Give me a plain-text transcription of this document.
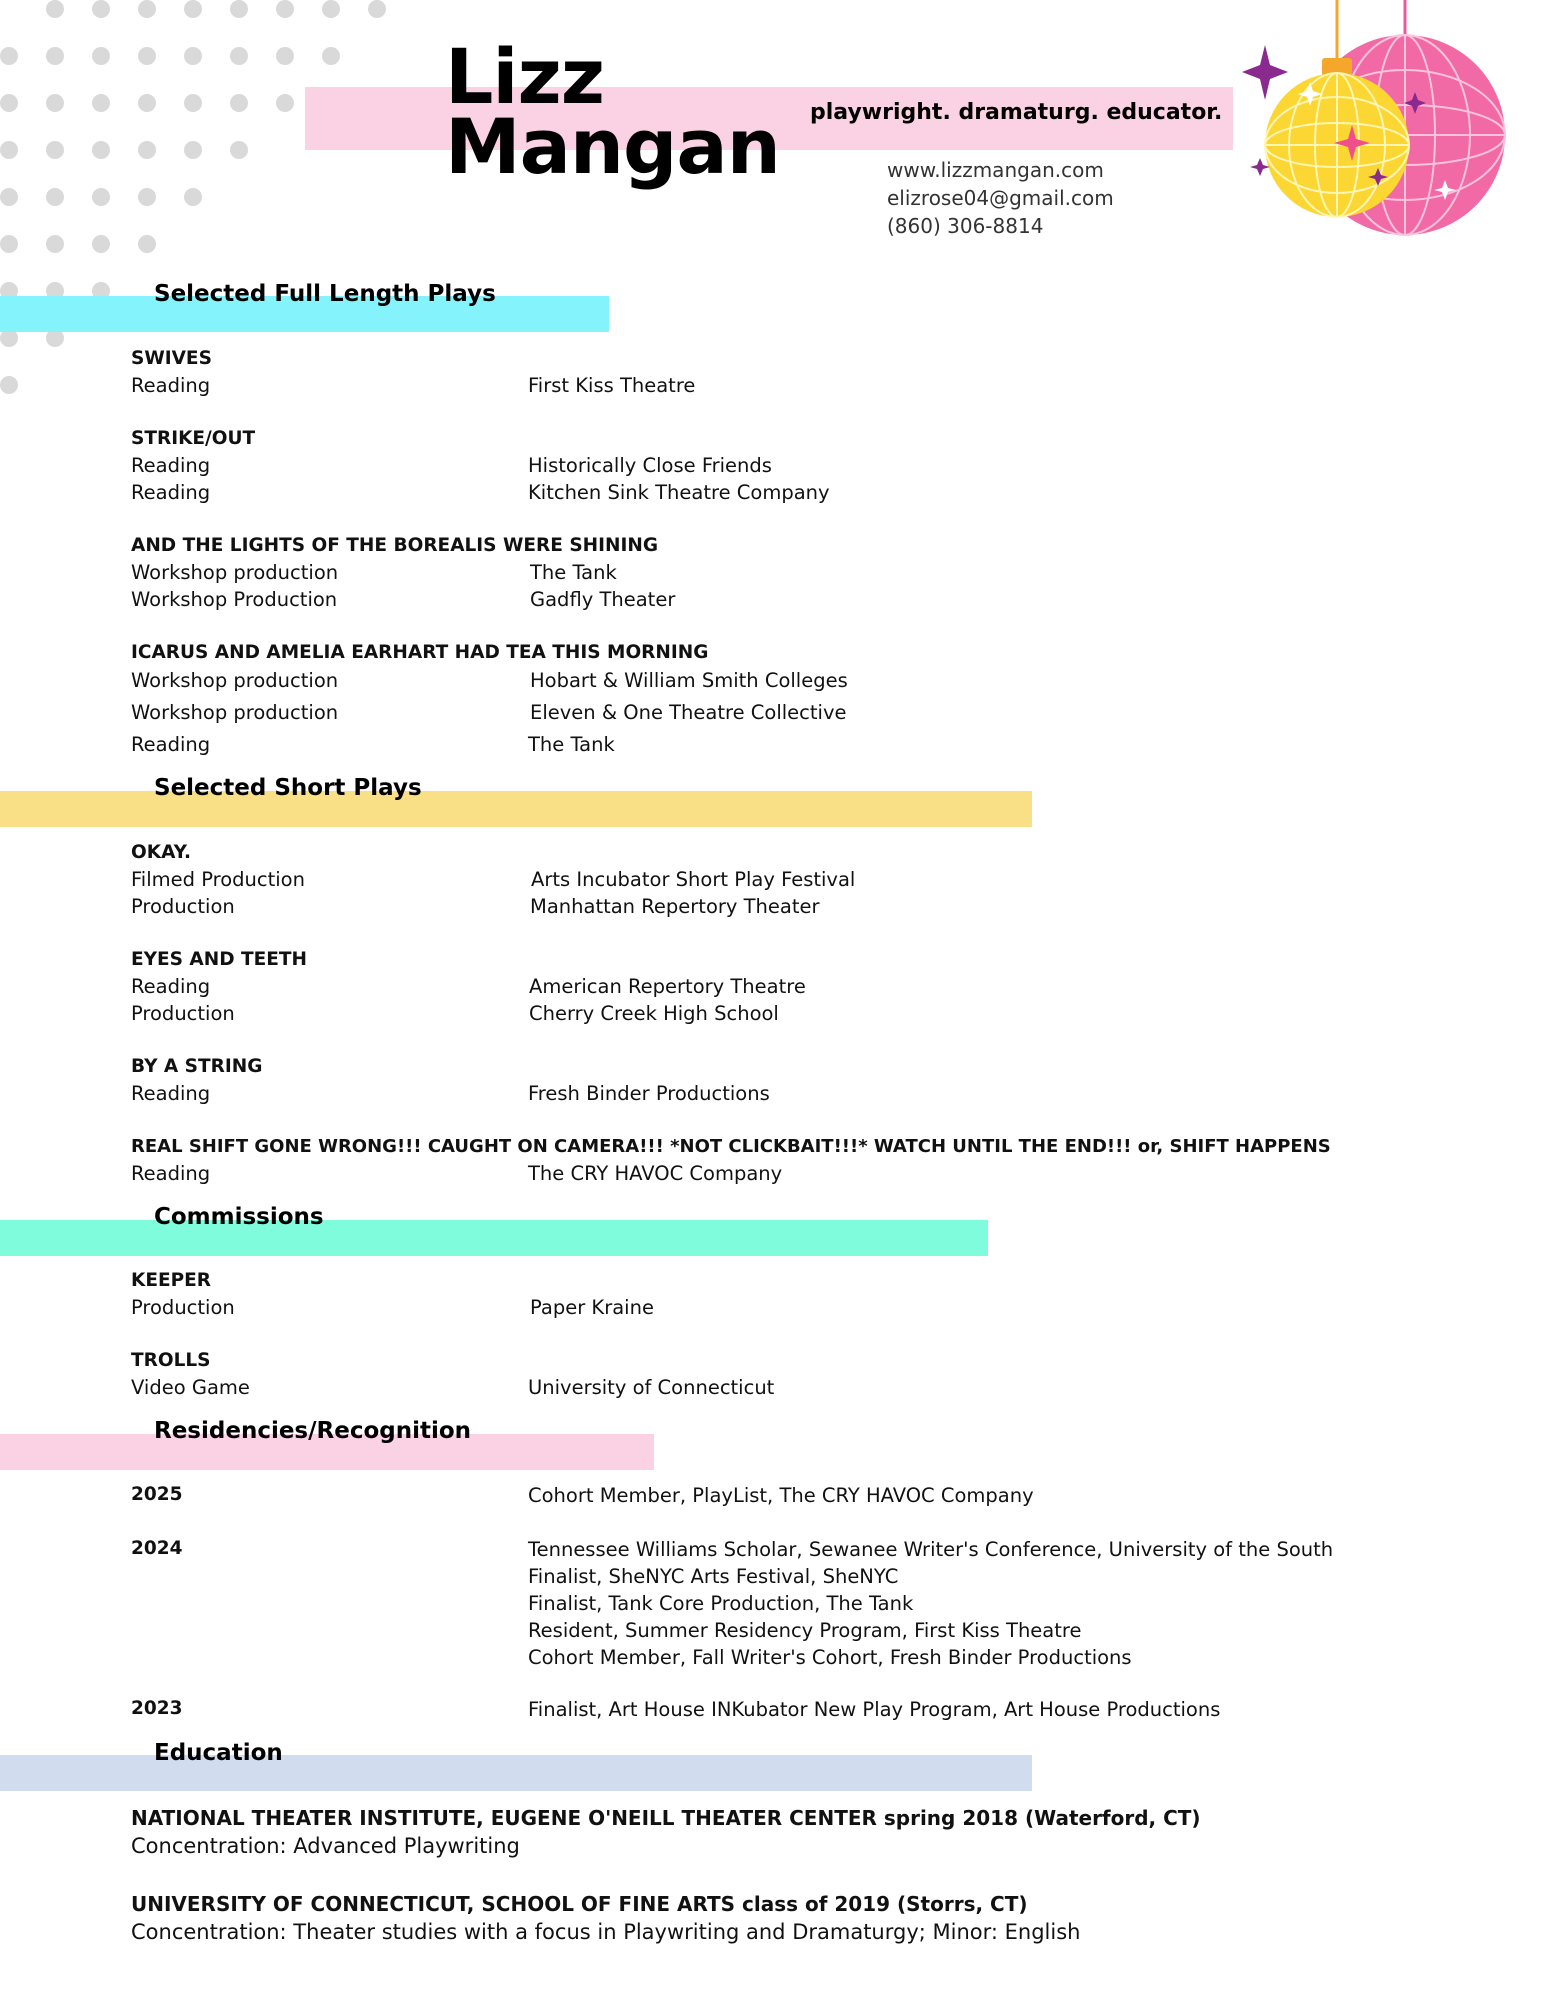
Lizz
Mangan playwright. dramaturg. educator.
www.lizzmangan.com
elizrose04@gmail.com
(860) 306-8814
Selected Full Length Plays
SWIVES
Reading	First Kiss Theatre
STRIKE/OUT
Reading	Historically Close Friends
Reading	Kitchen Sink Theatre Company
AND THE LIGHTS OF THE BOREALIS WERE SHINING
Workshop production	The Tank
Workshop Production	Gadfly Theater
ICARUS AND AMELIA EARHART HAD TEA THIS MORNING
Workshop production	Hobart & William Smith Colleges
Workshop production	Eleven & One Theatre Collective
Reading	The Tank
Selected Short Plays
OKAY.
Filmed Production	Arts Incubator Short Play Festival
Production	Manhattan Repertory Theater
EYES AND TEETH
Reading	American Repertory Theatre
Production	Cherry Creek High School
BY A STRING
Reading	Fresh Binder Productions
REAL SHIFT GONE WRONG!!! CAUGHT ON CAMERA!!! *NOT CLICKBAIT!!!* WATCH UNTIL THE END!!! or, SHIFT HAPPENS
Reading	The CRY HAVOC Company
Commissions
KEEPER
Production	Paper Kraine
TROLLS
Video Game	University of Connecticut
Residencies/Recognition
2025	Cohort Member, PlayList, The CRY HAVOC Company
2024	Tennessee Williams Scholar, Sewanee Writer's Conference, University of the South
Finalist, SheNYC Arts Festival, SheNYC
Finalist, Tank Core Production, The Tank
Resident, Summer Residency Program, First Kiss Theatre
Cohort Member, Fall Writer's Cohort, Fresh Binder Productions
2023	Finalist, Art House INKubator New Play Program, Art House Productions
Education
NATIONAL THEATER INSTITUTE, EUGENE O'NEILL THEATER CENTER spring 2018 (Waterford, CT)
Concentration: Advanced Playwriting
UNIVERSITY OF CONNECTICUT, SCHOOL OF FINE ARTS class of 2019 (Storrs, CT)
Concentration: Theater studies with a focus in Playwriting and Dramaturgy; Minor: English
